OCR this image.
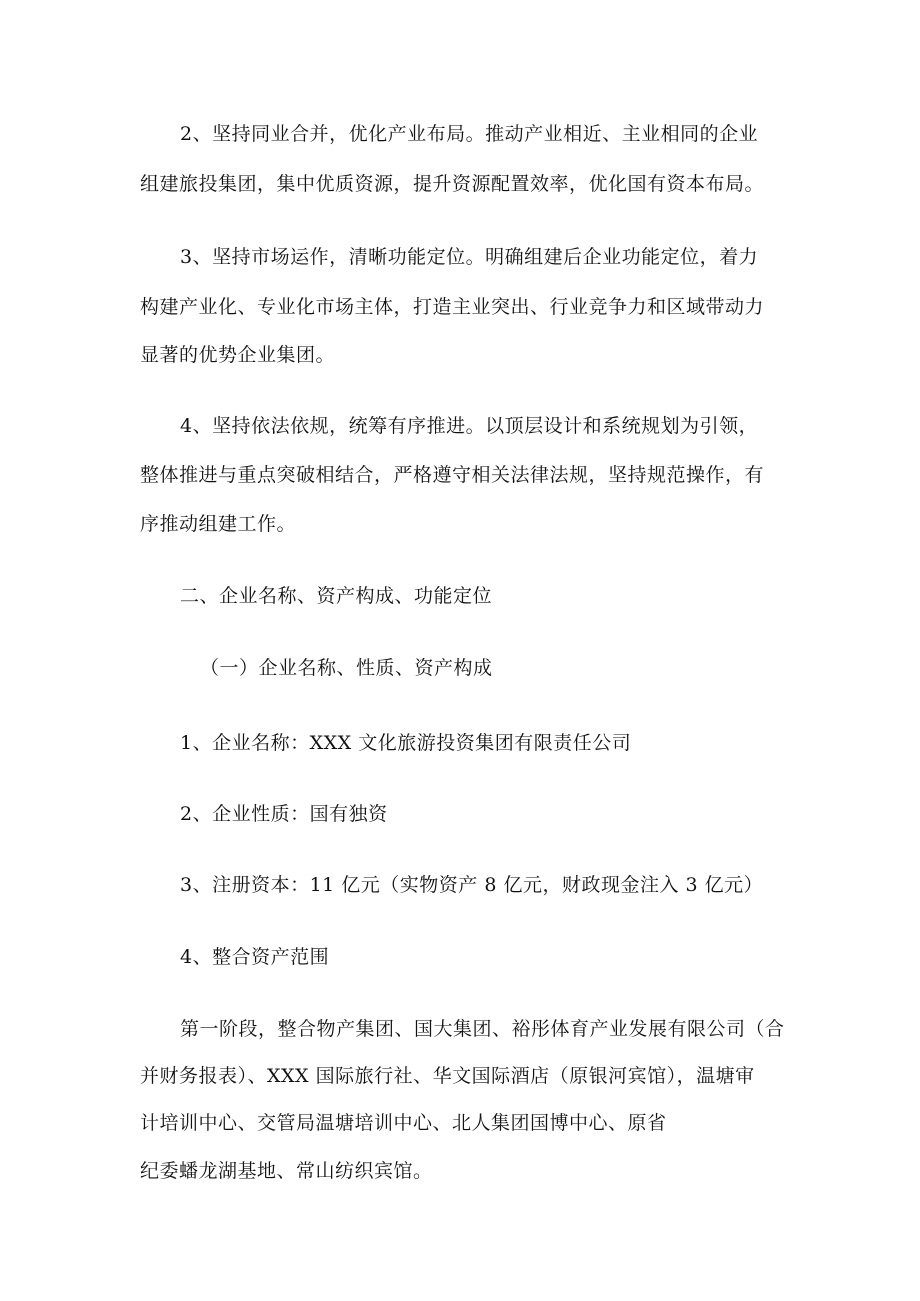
2、坚持同业合并，优化产业布局。推动产业相近、主业相同的企业
组建旅投集团，集中优质资源，提升资源配置效率，优化国有资本布局。
3、坚持市场运作，清晰功能定位。明确组建后企业功能定位，着力
构建产业化、专业化市场主体，打造主业突出、行业竞争力和区域带动力
显著的优势企业集团。
4、坚持依法依规，统筹有序推进。以顶层设计和系统规划为引领，
整体推进与重点突破相结合，严格遵守相关法律法规，坚持规范操作，有
序推动组建工作。
二、企业名称、资产构成、功能定位
（一）企业名称、性质、资产构成
1、企业名称：XXX 文化旅游投资集团有限责任公司
2、企业性质：国有独资
3、注册资本：11 亿元（实物资产 8 亿元，财政现金注入 3 亿元）
4、整合资产范围
第一阶段，整合物产集团、国大集团、裕彤体育产业发展有限公司（合
并财务报表）、XXX 国际旅行社、华文国际酒店（原银河宾馆），温塘审
计培训中心、交管局温塘培训中心、北人集团国博中心、原省
纪委蟠龙湖基地、常山纺织宾馆。
